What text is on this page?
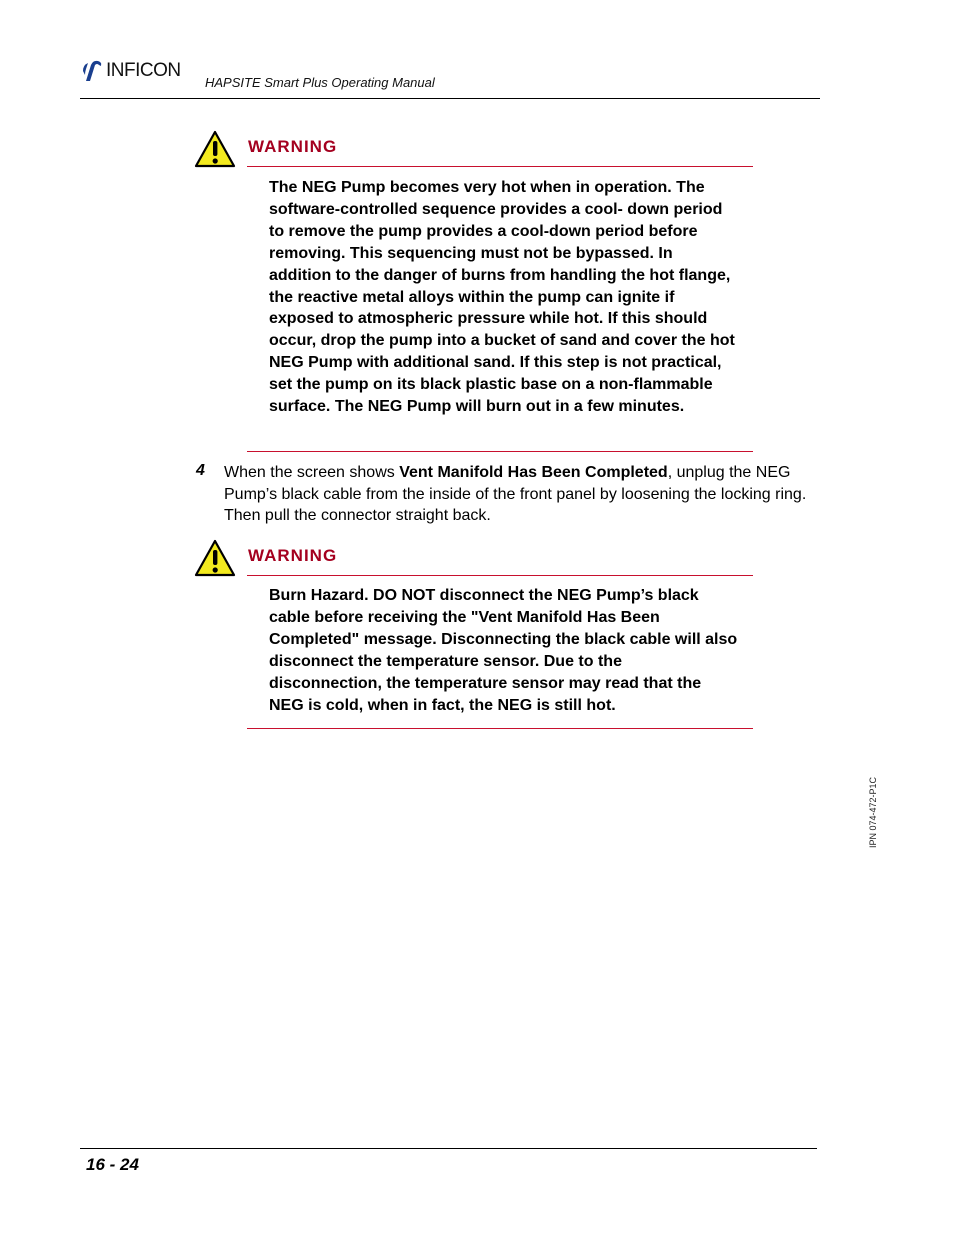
INFICON
HAPSITE Smart Plus Operating Manual
WARNING
The NEG Pump becomes very hot when in operation. The software-controlled sequence provides a cool- down period to remove the pump provides a cool-down period before removing. This sequencing must not be bypassed. In addition to the danger of burns from handling the hot flange, the reactive metal alloys within the pump can ignite if exposed to atmospheric pressure while hot. If this should occur, drop the pump into a bucket of sand and cover the hot NEG Pump with additional sand. If this step is not practical, set the pump on its black plastic base on a non-flammable surface. The NEG Pump will burn out in a few minutes.
4 When the screen shows Vent Manifold Has Been Completed, unplug the NEG Pump’s black cable from the inside of the front panel by loosening the locking ring. Then pull the connector straight back.
WARNING
Burn Hazard. DO NOT disconnect the NEG Pump’s black cable before receiving the "Vent Manifold Has Been Completed" message. Disconnecting the black cable will also disconnect the temperature sensor. Due to the disconnection, the temperature sensor may read that the NEG is cold, when in fact, the NEG is still hot.
IPN 074-472-P1C
16 - 24
